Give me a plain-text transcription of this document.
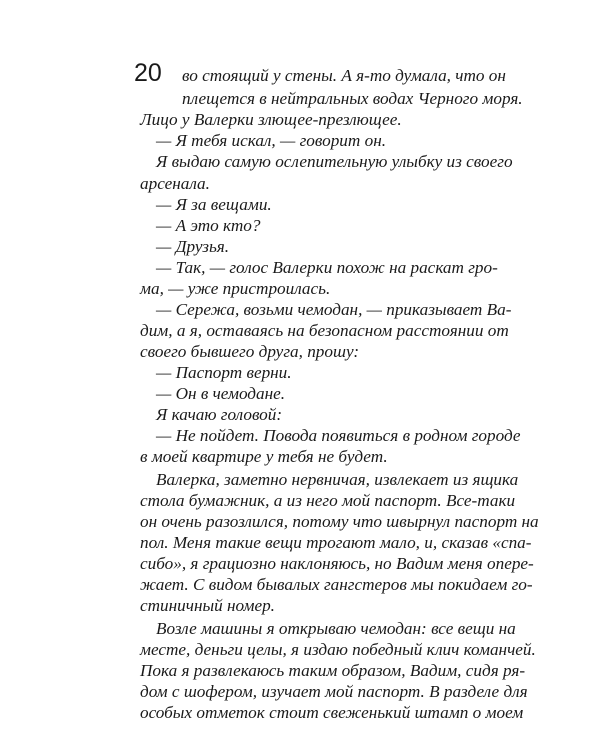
20 во стоящий у стены. А я-то думала, что он
плещется в нейтральных водах Черного моря.
Лицо у Валерки злющее-презлющее.
— Я тебя искал, — говорит он.
Я выдаю самую ослепительную улыбку из своего
арсенала.
— Я за вещами.
— А это кто?
— Друзья.
— Так, — голос Валерки похож на раскат гро-
ма, — уже пристроилась.
— Сережа, возьми чемодан, — приказывает Ва-
дим, а я, оставаясь на безопасном расстоянии от
своего бывшего друга, прошу:
— Паспорт верни.
— Он в чемодане.
Я качаю головой:
— Не пойдет. Повода появиться в родном городе
в моей квартире у тебя не будет.
Валерка, заметно нервничая, извлекает из ящика
стола бумажник, а из него мой паспорт. Все-таки
он очень разозлился, потому что швырнул паспорт на
пол. Меня такие вещи трогают мало, и, сказав «спа-
сибо», я грациозно наклоняюсь, но Вадим меня опере-
жает. С видом бывалых гангстеров мы покидаем го-
стиничный номер.
Возле машины я открываю чемодан: все вещи на
месте, деньги целы, я издаю победный клич команчей.
Пока я развлекаюсь таким образом, Вадим, сидя ря-
дом с шофером, изучает мой паспорт. В разделе для
особых отметок стоит свеженький штамп о моем
